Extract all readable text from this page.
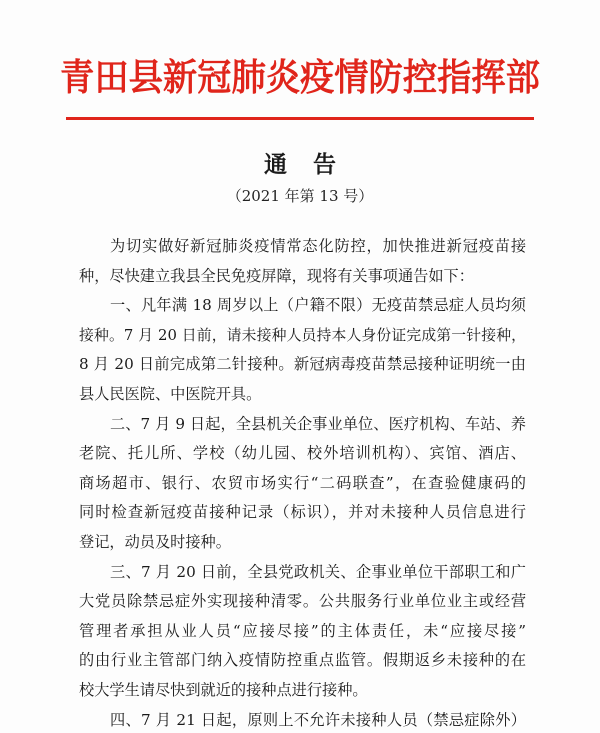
青田县新冠肺炎疫情防控指挥部
通告
（2021 年第 13 号）
为切实做好新冠肺炎疫情常态化防控，加快推进新冠疫苗接
种，尽快建立我县全民免疫屏障，现将有关事项通告如下：
一、凡年满 18 周岁以上（户籍不限）无疫苗禁忌症人员均须
接种。7 月 20 日前，请未接种人员持本人身份证完成第一针接种，
8 月 20 日前完成第二针接种。新冠病毒疫苗禁忌接种证明统一由
县人民医院、中医院开具。
二、7 月 9 日起，全县机关企事业单位、医疗机构、车站、养
老院、托儿所、学校（幼儿园、校外培训机构）、宾馆、酒店、
商场超市、银行、农贸市场实行“二码联查”，在查验健康码的
同时检查新冠疫苗接种记录（标识），并对未接种人员信息进行
登记，动员及时接种。
三、7 月 20 日前，全县党政机关、企事业单位干部职工和广
大党员除禁忌症外实现接种清零。公共服务行业单位业主或经营
管理者承担从业人员“应接尽接”的主体责任，未“应接尽接”
的由行业主管部门纳入疫情防控重点监管。假期返乡未接种的在
校大学生请尽快到就近的接种点进行接种。
四、7 月 21 日起，原则上不允许未接种人员（禁忌症除外）
